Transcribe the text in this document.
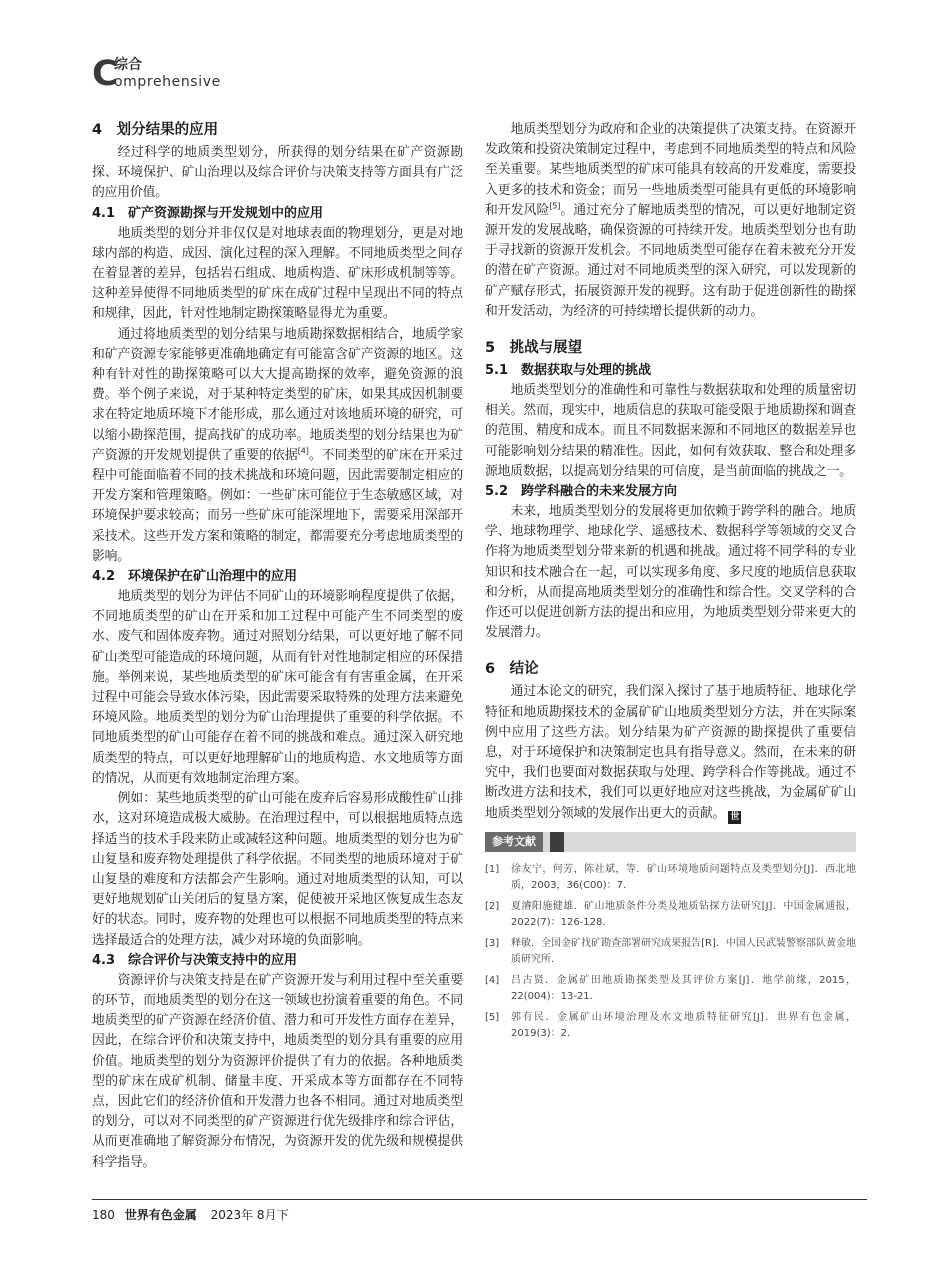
C
综合
omprehensive
4　划分结果的应用

经过科学的地质类型划分，所获得的划分结果在矿产资源勘探、环境保护、矿山治理以及综合评价与决策支持等方面具有广泛的应用价值。

4.1　矿产资源勘探与开发规划中的应用

地质类型的划分并非仅仅是对地球表面的物理划分，更是对地球内部的构造、成因、演化过程的深入理解。不同地质类型之间存在着显著的差异，包括岩石组成、地质构造、矿床形成机制等等。这种差异使得不同地质类型的矿床在成矿过程中呈现出不同的特点和规律，因此，针对性地制定勘探策略显得尤为重要。

通过将地质类型的划分结果与地质勘探数据相结合，地质学家和矿产资源专家能够更准确地确定有可能富含矿产资源的地区。这种有针对性的勘探策略可以大大提高勘探的效率，避免资源的浪费。举个例子来说，对于某种特定类型的矿床，如果其成因机制要求在特定地质环境下才能形成，那么通过对该地质环境的研究，可以缩小勘探范围，提高找矿的成功率。地质类型的划分结果也为矿产资源的开发规划提供了重要的依据[4]。不同类型的矿床在开采过程中可能面临着不同的技术挑战和环境问题，因此需要制定相应的开发方案和管理策略。例如：一些矿床可能位于生态敏感区域，对环境保护要求较高；而另一些矿床可能深埋地下，需要采用深部开采技术。这些开发方案和策略的制定，都需要充分考虑地质类型的影响。

4.2　环境保护在矿山治理中的应用

地质类型的划分为评估不同矿山的环境影响程度提供了依据，不同地质类型的矿山在开采和加工过程中可能产生不同类型的废水、废气和固体废弃物。通过对照划分结果，可以更好地了解不同矿山类型可能造成的环境问题，从而有针对性地制定相应的环保措施。举例来说，某些地质类型的矿床可能含有有害重金属，在开采过程中可能会导致水体污染，因此需要采取特殊的处理方法来避免环境风险。地质类型的划分为矿山治理提供了重要的科学依据。不同地质类型的矿山可能存在着不同的挑战和难点。通过深入研究地质类型的特点，可以更好地理解矿山的地质构造、水文地质等方面的情况，从而更有效地制定治理方案。

例如：某些地质类型的矿山可能在废弃后容易形成酸性矿山排水，这对环境造成极大威胁。在治理过程中，可以根据地质特点选择适当的技术手段来防止或减轻这种问题。地质类型的划分也为矿山复垦和废弃物处理提供了科学依据。不同类型的地质环境对于矿山复垦的难度和方法都会产生影响。通过对地质类型的认知，可以更好地规划矿山关闭后的复垦方案，促使被开采地区恢复成生态友好的状态。同时，废弃物的处理也可以根据不同地质类型的特点来选择最适合的处理方法，减少对环境的负面影响。

4.3　综合评价与决策支持中的应用

资源评价与决策支持是在矿产资源开发与利用过程中至关重要的环节，而地质类型的划分在这一领域也扮演着重要的角色。不同地质类型的矿产资源在经济价值、潜力和可开发性方面存在差异，因此，在综合评价和决策支持中，地质类型的划分具有重要的应用价值。地质类型的划分为资源评价提供了有力的依据。各种地质类型的矿床在成矿机制、储量丰度、开采成本等方面都存在不同特点，因此它们的经济价值和开发潜力也各不相同。通过对地质类型的划分，可以对不同类型的矿产资源进行优先级排序和综合评估，从而更准确地了解资源分布情况，为资源开发的优先级和规模提供科学指导。

地质类型划分为政府和企业的决策提供了决策支持。在资源开发政策和投资决策制定过程中，考虑到不同地质类型的特点和风险至关重要。某些地质类型的矿床可能具有较高的开发难度，需要投入更多的技术和资金；而另一些地质类型可能具有更低的环境影响和开发风险[5]。通过充分了解地质类型的情况，可以更好地制定资源开发的发展战略，确保资源的可持续开发。地质类型划分也有助于寻找新的资源开发机会。不同地质类型可能存在着未被充分开发的潜在矿产资源。通过对不同地质类型的深入研究，可以发现新的矿产赋存形式，拓展资源开发的视野。这有助于促进创新性的勘探和开发活动，为经济的可持续增长提供新的动力。

5　挑战与展望
5.1　数据获取与处理的挑战

地质类型划分的准确性和可靠性与数据获取和处理的质量密切相关。然而，现实中，地质信息的获取可能受限于地质勘探和调查的范围、精度和成本。而且不同数据来源和不同地区的数据差异也可能影响划分结果的精准性。因此，如何有效获取、整合和处理多源地质数据，以提高划分结果的可信度，是当前面临的挑战之一。

5.2　跨学科融合的未来发展方向

未来，地质类型划分的发展将更加依赖于跨学科的融合。地质学、地球物理学、地球化学、遥感技术、数据科学等领域的交叉合作将为地质类型划分带来新的机遇和挑战。通过将不同学科的专业知识和技术融合在一起，可以实现多角度、多尺度的地质信息获取和分析，从而提高地质类型划分的准确性和综合性。交叉学科的合作还可以促进创新方法的提出和应用，为地质类型划分带来更大的发展潜力。

6　结论

通过本论文的研究，我们深入探讨了基于地质特征、地球化学特征和地质勘探技术的金属矿矿山地质类型划分方法，并在实际案例中应用了这些方法。划分结果为矿产资源的勘探提供了重要信息，对于环境保护和决策制定也具有指导意义。然而，在未来的研究中，我们也要面对数据获取与处理、跨学科合作等挑战。通过不断改进方法和技术，我们可以更好地应对这些挑战，为金属矿矿山地质类型划分领域的发展作出更大的贡献。 世

参考文献
[1] 徐友宁，何芳，陈社斌，等．矿山环境地质问题特点及类型划分[J]．西北地质，2003，36(C00)：7．
[2] 夏濬阳施健雄．矿山地质条件分类及地质钻探方法研究[J]．中国金属通报，2022(7)：126-128．
[3] 释敏．全国金矿找矿勘查部署研究成果报告[R]．中国人民武装警察部队黄金地质研究所．
[4] 吕古贤．金属矿田地质勘探类型及其评价方案[J]．地学前缘，2015，22(004)：13-21．
[5] 郭有民．金属矿山环境治理及水文地质特征研究[J]．世界有色金属，2019(3)：2．
180 世界有色金属 2023年 8月下
